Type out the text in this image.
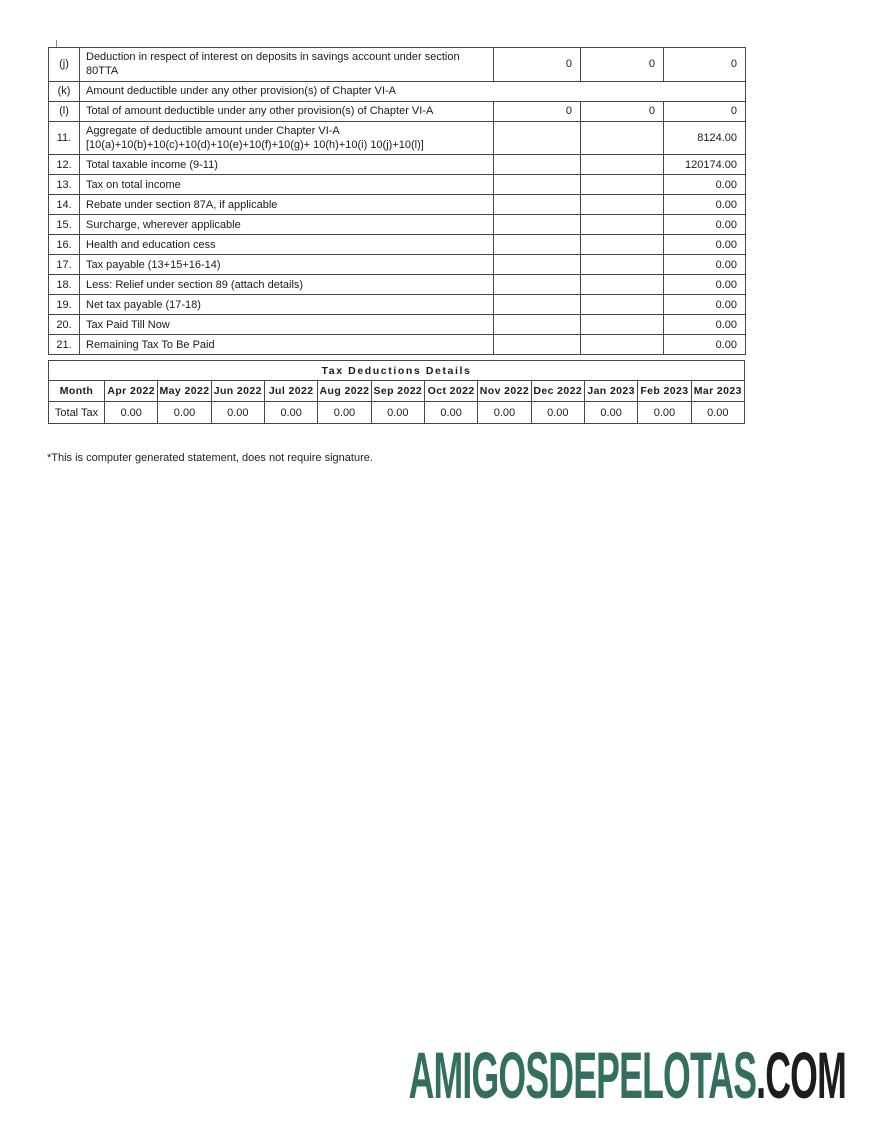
(j)	Deduction in respect of interest on deposits in savings account under section 80TTA	0	0	0
(k)	Amount deductible under any other provision(s) of Chapter VI-A			
(l)	Total of amount deductible under any other provision(s) of Chapter VI-A	0	0	0
11.	Aggregate of deductible amount under Chapter VI-A
[10(a)+10(b)+10(c)+10(d)+10(e)+10(f)+10(g)+ 10(h)+10(i) 10(j)+10(l)]			8124.00
12.	Total taxable income (9-11)			120174.00
13.	Tax on total income			0.00
14.	Rebate under section 87A, if applicable			0.00
15.	Surcharge, wherever applicable			0.00
16.	Health and education cess			0.00
17.	Tax payable (13+15+16-14)			0.00
18.	Less: Relief under section 89 (attach details)			0.00
19.	Net tax payable (17-18)			0.00
20.	Tax Paid Till Now			0.00
21.	Remaining Tax To Be Paid			0.00
Tax Deductions Details												
Month	Apr 2022	May 2022	Jun 2022	Jul 2022	Aug 2022	Sep 2022	Oct 2022	Nov 2022	Dec 2022	Jan 2023	Feb 2023	Mar 2023
Total Tax	0.00	0.00	0.00	0.00	0.00	0.00	0.00	0.00	0.00	0.00	0.00	0.00
*This is computer generated statement, does not require signature.
AMIGOSDEPELOTAS.COM
